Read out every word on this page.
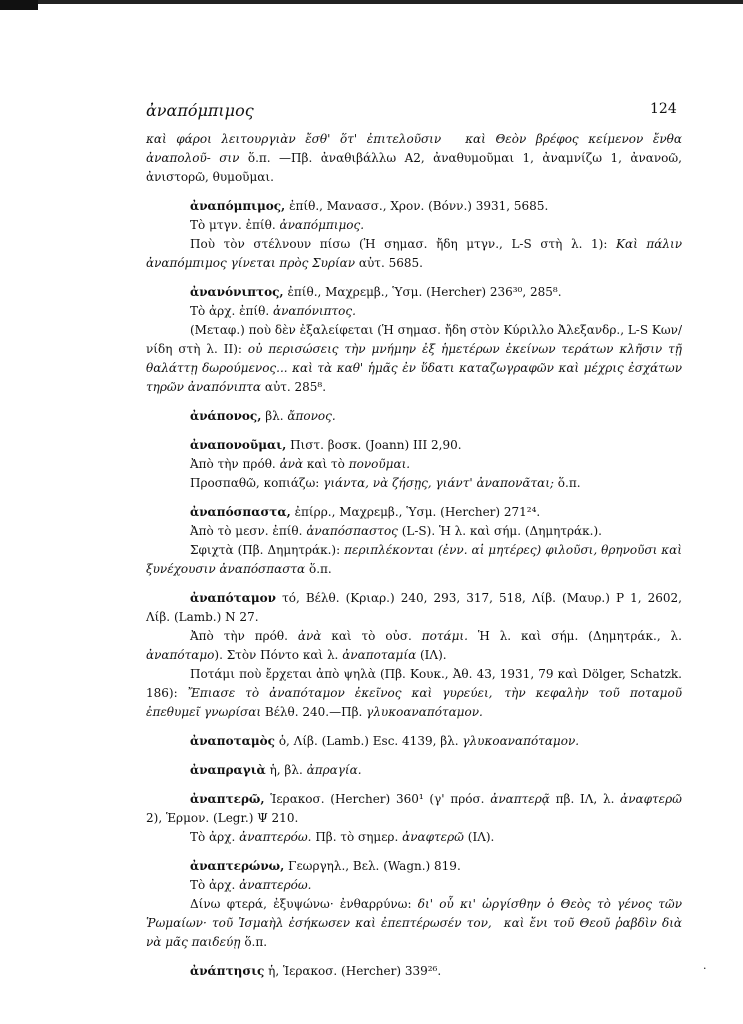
ἀναπόμπιμος	124

καὶ φάροι λειτουργιὰν ἔσθ' ὅτ' ἐπιτελοῦσιν   καὶ Θεὸν βρέφος κείμενον ἔνθα ἀναπολοῦ- σιν ὅ.π. —Πβ. ἀναθιβάλλω Α2, ἀναθυμοῦμαι 1, ἀναμνίζω 1, ἀνανοῶ, ἀνιστορῶ, θυμοῦμαι.

ἀναπόμπιμος, ἐπίθ., Μανασσ., Χρον. (Βόνν.) 3931, 5685.

Τὸ μτγν. ἐπίθ. ἀναπόμπιμος.

Ποὺ τὸν στέλνουν πίσω (Ἡ σημασ. ἤδη μτγν., L-S στὴ λ. 1): Καὶ πάλιν ἀναπόμπιμος γίνεται πρὸς Συρίαν αὐτ. 5685.

ἀνανόνιπτος, ἐπίθ., Μαχρεμβ., Ὑσμ. (Hercher) 236³⁰, 285⁸.

Τὸ ἀρχ. ἐπίθ. ἀναπόνιπτος.

(Μεταφ.) ποὺ δὲν ἐξαλείφεται (Ἡ σημασ. ἤδη στὸν Κύριλλο Ἀλεξανδρ., L-S Κων/νίδη στὴ λ. ΙΙ): οὐ περισώσεις τὴν μνήμην ἐξ ἡμετέρων ἐκείνων τεράτων κλῆσιν τῇ θαλάττῃ δωρούμενος... καὶ τὰ καθ' ἡμᾶς ἐν ὕδατι καταζωγραφῶν καὶ μέχρις ἐσχάτων τηρῶν ἀναπόνιπτα αὐτ. 285⁸.

ἀνάπονος, βλ. ἄπονος.

ἀναπονοῦμαι, Πιστ. βοσκ. (Joann) III 2,90.

Ἀπὸ τὴν πρόθ. ἀνὰ καὶ τὸ πονοῦμαι.

Προσπαθῶ, κοπιάζω: γιάντα, νὰ ζήσῃς, γιάντ' ἀναπονᾶται; ὅ.π.

ἀναπόσπαστα, ἐπίρρ., Μαχρεμβ., Ὑσμ. (Hercher) 271²⁴.

Ἀπὸ τὸ μεσν. ἐπίθ. ἀναπόσπαστος (L-S). Ἡ λ. καὶ σήμ. (Δημητράκ.).

Σφιχτὰ (Πβ. Δημητράκ.): περιπλέκονται (ἐνν. αἱ μητέρες) φιλοῦσι, θρηνοῦσι καὶ ξυνέχουσιν ἀναπόσπαστα ὅ.π.

ἀναπόταμον τό, Βέλθ. (Κριαρ.) 240, 293, 317, 518, Λίβ. (Μαυρ.) Ρ 1, 2602, Λίβ. (Lamb.) Ν 27.

Ἀπὸ τὴν πρόθ. ἀνὰ καὶ τὸ οὐσ. ποτάμι. Ἡ λ. καὶ σήμ. (Δημητράκ., λ. ἀναπόταμο). Στὸν Πόντο καὶ λ. ἀναποταμία (ΙΛ).

Ποτάμι ποὺ ἔρχεται ἀπὸ ψηλὰ (Πβ. Κουκ., Ἀθ. 43, 1931, 79 καὶ Dölger, Schatzk. 186): Ἔπιασε τὸ ἀναπόταμον ἐκεῖνος καὶ γυρεύει,  τὴν κεφαλὴν τοῦ ποταμοῦ ἐπεθυμεῖ γνωρίσαι Βέλθ. 240.—Πβ. γλυκοαναπόταμον.

ἀναποταμὸς ὁ, Λίβ. (Lamb.) Esc. 4139, βλ. γλυκοαναπόταμον.

ἀναπραγιὰ ἡ, βλ. ἀπραγία.

ἀναπτερῶ, Ἱερακοσ. (Hercher) 360¹ (γ' πρόσ. ἀναπτερᾷ πβ. ΙΛ, λ. ἀναφτερῶ 2), Ἑρμον. (Legr.) Ψ 210.

Τὸ ἀρχ. ἀναπτερόω. Πβ. τὸ σημερ. ἀναφτερῶ (ΙΛ).

ἀναπτερώνω, Γεωργηλ., Βελ. (Wagn.) 819.

Τὸ ἀρχ. ἀναπτερόω.

Δίνω φτερά, ἐξυψώνω· ἐνθαρρύνω: δι' οὗ κι' ὠργίσθην ὁ Θεὸς τὸ γένος τῶν Ῥωμαίων· τοῦ Ἰσμαὴλ ἐσήκωσεν καὶ ἐπεπτέρωσέν τον,  καὶ ἔνι τοῦ Θεοῦ ῥαβδὶν διὰ νὰ μᾶς παιδεύῃ ὅ.π.

ἀνάπτησις ἡ, Ἱερακοσ. (Hercher) 339²⁶.	·
